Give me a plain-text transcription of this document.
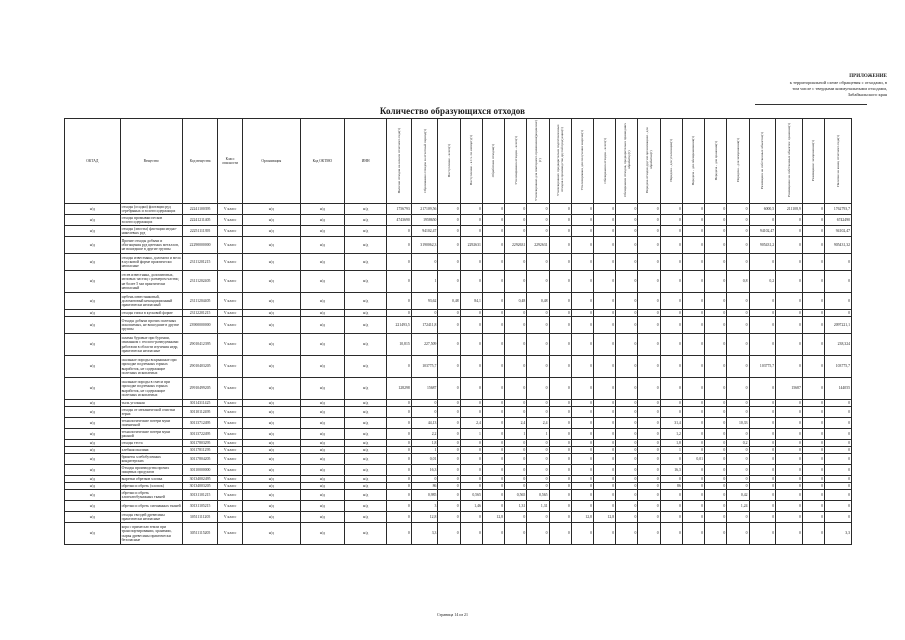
ПРИЛОЖЕНИЕ
к территориальной схеме обращения с отходами, в
том числе с твердыми коммунальными отходами,
Забайкальского края
Количество образующихся отходов
ОКТАД	Вещество	Код вещества	Класс опасности	Организация	Код ОКТМО	ИНН	Наличие отходов на начало отчетного года(т)	Образование отходов за отчетный период(т)	Поступление - всего(т)	Поступление - в т.ч. по импорту(т)	Обработано отходов(т)	Утилизировано отходов - всего(т)	Утилизировано для повторного применения(рециклинг)(т)	Утилизировано: предварительно подготовленных отходов в производстве другой продукции(т)	Утилизировано для получения энергии(т)	Обезврежено отходов - всего(т)	Обезврежено отходов, предварительно прошедших обработку(т)	Передача отходов другим организациям - для обработки(т)	Передача - для утилизации(т)	Передача - для обезвреживания(т)	Передача - для хранения(т)	Передача - для захоронения(т)	Размещено на собственных объектах(т)	Размещение на собственных объектах: хранение(т)	Размещение: захоронение(т)	Наличие на конец отчетного года(т)
н/д	отходы (осадки) флотации руд серебряных и золотосодержащих	22241100395	V класс	н/д	н/д	н/д	1756793	217109,56	0	0	0	0	0	0	0	0	0	0	0	0	0	0	6000,5	211108,9	0	1762793,7
н/д	отходы промывки песков золотосодержащих	22241211405	V класс	н/д	н/д	н/д	4743690	1958650	0	0	0	0	0	0	0	0	0	0	0	0	0	0	0	0	0	6742490
н/д	отходы (хвосты) флотации медно-никелевых руд	22251111395	V класс	н/д	н/д	н/д	0	94102,47	0	0	0	0	0	0	0	0	0	0	0	0	0	0	94102,47	0	0	94102,47
н/д	Прочие отходы добычи и обогащения руд цветных металлов, не вошедшие в другие группы	22290000000	V класс	н/д	н/д	н/д	0	3190062,3	0	2292631	0	2292631	2292631	0	0	0	0	0	0	0	0	0	905431,2	0	0	905431,32
н/д	отходы известняка, доломита и мела в кусковой форме практически неопасные	23111201215	V класс	н/д	н/д	н/д	0	0	0	0	0	0	0	0	0	0	0	0	0	0	0	0	0	0	0	0
н/д	отсев известняка, доломитовых, меловых частиц с размером частиц не более 5 мм практически неопасный	23111202405	V класс	н/д	н/д	н/д	0	1	0	0	0	0	0	0	0	0	0	0	0	0	0	0,8	0,2	0	0	0
н/д	щебень известняковый, доломитовый некондиционный практически неопасный	23111204405	V класс	н/д	н/д	н/д	0	93,62	0,48	84,1	0	0,48	0,48	0	0	0	0	0	0	0	0	0	0	0	0	0
н/д	отходы гипса в кусковой форме	23112201215	V класс	н/д	н/д	н/д	0	0	0	0	0	0	0	0	0	0	0	0	0	0	0	0	0	0	0	0
н/д	Отходы добычи прочих полезных ископаемых, не вошедшие в другие группы	23900000000	V класс	н/д	н/д	н/д	221493,5	172411,8	0	0	0	0	0	0	0	0	0	0	0	0	0	0	0	0	0	2097221,1
н/д	шламы буровые при бурении, связанном с геолого-разведочными работами в области изучения недр, практически неопасные	29010412395	V класс	н/д	н/д	н/д	10,815	227,509	0	0	0	0	0	0	0	0	0	0	0	0	0	0	0	0	0	238,324
н/д	скальные породы вскрышные при проходке подземных горных выработок, не содержащие полезных ископаемых	29010403205	V класс	н/д	н/д	н/д	0	103775,7	0	0	0	0	0	0	0	0	0	0	0	0	0	0	103775,7	0	0	103775,7
н/д	скальные породы в смеси при проходке подземных горных выработок, не содержащие полезных ископаемых	29910499205	V класс	н/д	н/д	н/д	128298	15687	0	0	0	0	0	0	0	0	0	0	0	0	0	0	0	15687	0	144055
н/д	тыль угольная	30114311425	V класс	н/д	н/д	н/д	0	0	0	0	0	0	0	0	0	0	0	0	0	0	0	0	0	0	0	0
н/д	отходы от механической очистки зерна	30110112495	V класс	н/д	н/д	н/д	0	0	0	0	0	0	0	0	0	0	0	0	0	0	0	0	0	0	0	0
н/д	технологические потери муки пшеничной	30113712495	V класс	н/д	н/д	н/д	0	44,13	0	2,4	0	2,4	2,4	0	0	0	0	0	31,4	0	0	10,33	0	0	0	0
н/д	технологические потери муки ржаной	30113722495	V класс	н/д	н/д	н/д	0	2,2	0	1	0	1	1	0	0	0	0	0	1,2	0	0	0	0	0	0	0
н/д	отходы теста	30117803295	V класс	н/д	н/д	н/д	0	1,8	0	0	0	0	0	0	0	0	0	0	1,8	0	0	0,2	0	0	0	0
н/д	хлебная окалина	30117811295	V класс	н/д	н/д	н/д	0	1	0	0	0	0	0	0	0	0	0	0	1	0	0	0	0	0	0	0
н/д	брикеты хлебобулочных кондитерских	30117804205	V класс	н/д	н/д	н/д	0	0,01	0	0	0	0	0	0	0	0	0	0	0	0,01	0	0	0	0	0	0
н/д	Отходы производства прочих пищевых продуктов	30110000000	V класс	н/д	н/д	н/д	0	16,3	0	0	0	0	0	0	0	0	0	0	16,3	0	0	0	0	0	0	0
н/д	вырезки обрезков хлопка	30134002495	V класс	н/д	н/д	н/д	0	0	0	0	0	0	0	0	0	0	0	0	0	0	0	0	0	0	0	0
н/д	обрезки и обрезь (хлопок)	30134003205	V класс	н/д	н/д	н/д	0	86	0	0	0	0	0	0	0	0	0	0	86	0	0	0	0	0	0	0
н/д	обрезки и обрезь хлопчатобумажных тканей	30131101215	V класс	н/д	н/д	н/д	0	0,985	0	0,565	0	0,565	0,565	0	0	0	0	0	0	0	0	0,42	0	0	0	0
н/д	обрезки и обрезь смешанных тканей	30131105215	V класс	н/д	н/д	н/д	0	3	0	1,46	0	1,31	1,31	0	0	0	0	0	0	0	0	1,24	0	0	0	0
н/д	отходы гвоздей древесины практически неопасные	30511111205	V класс	н/д	н/д	н/д	0	12,8	0	0	12,8	0	0	0	12,8	12,8	0	0	0	0	0	0	0	0	0	0
н/д	кора с примесью земли при транспортировании, хранении, сырья древесины практически безопасные	30511115205	V класс	н/д	н/д	н/д	0	3,3	0	0	0	0	0	0	0	0	0	0	0	0	0	0	0	0	0	3,3
Страница 14 из 21
